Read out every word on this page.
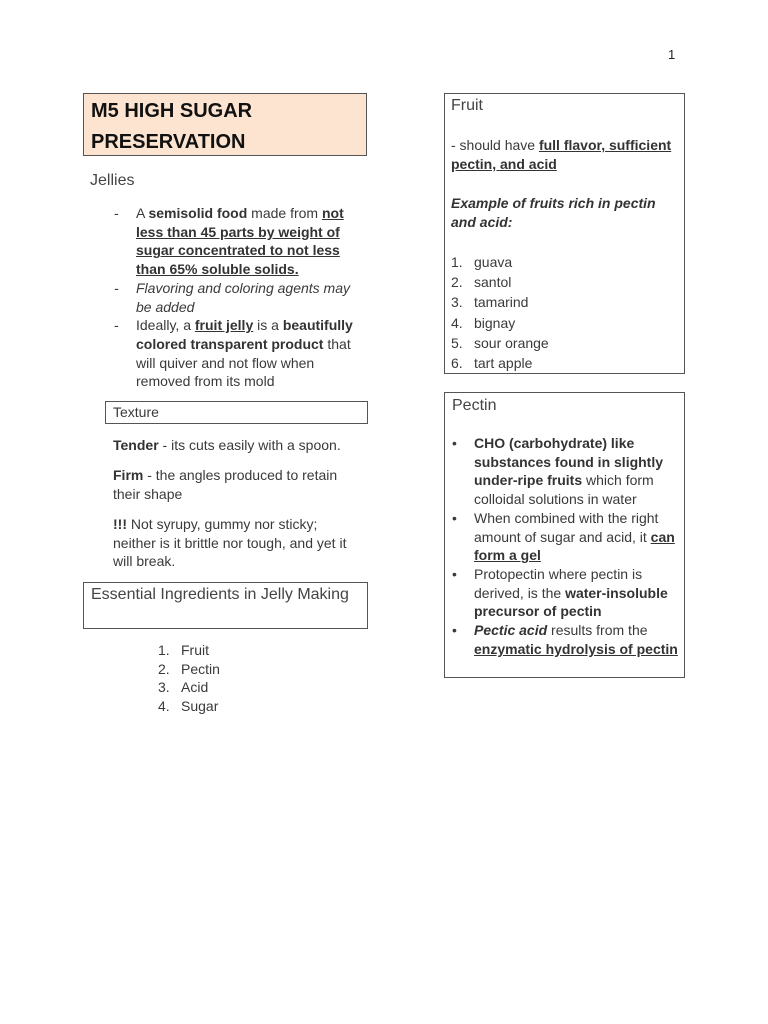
1
M5 HIGH SUGAR
PRESERVATION
Jellies
- A semisolid food made from not less than 45 parts by weight of sugar concentrated to not less than 65% soluble solids.
- Flavoring and coloring agents may be added
- Ideally, a fruit jelly is a beautifully colored transparent product that will quiver and not flow when removed from its mold
Texture

Tender - its cuts easily with a spoon.

Firm - the angles produced to retain their shape

!!! Not syrupy, gummy nor sticky; neither is it brittle nor tough, and yet it will break.

Essential Ingredients in Jelly Making
1. Fruit
2. Pectin
3. Acid
4. Sugar
Fruit

- should have full flavor, sufficient pectin, and acid

Example of fruits rich in pectin and acid:

1. guava
2. santol
3. tamarind
4. bignay
5. sour orange
6. tart apple
Pectin
• CHO (carbohydrate) like substances found in slightly under-ripe fruits which form colloidal solutions in water
• When combined with the right amount of sugar and acid, it can form a gel
• Protopectin where pectin is derived, is the water-insoluble precursor of pectin
• Pectic acid results from the enzymatic hydrolysis of pectin
